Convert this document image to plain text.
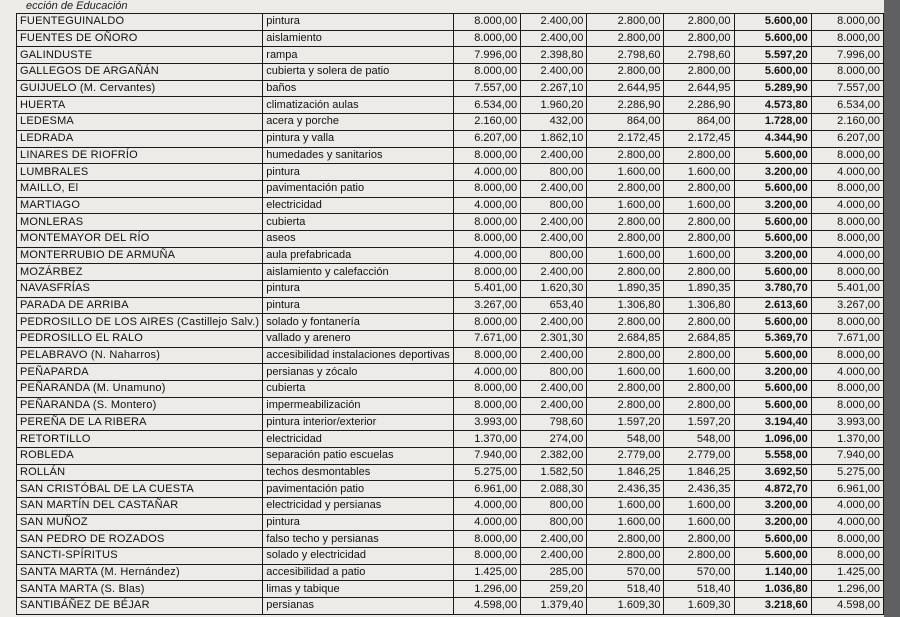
ección de Educación
FUENTEGUINALDO	pintura	8.000,00	2.400,00	2.800,00	2.800,00	5.600,00	8.000,00
FUENTES DE OÑORO	aislamiento	8.000,00	2.400,00	2.800,00	2.800,00	5.600,00	8.000,00
GALINDUSTE	rampa	7.996,00	2.398,80	2.798,60	2.798,60	5.597,20	7.996,00
GALLEGOS DE ARGAÑÁN	cubierta y solera de patio	8.000,00	2.400,00	2.800,00	2.800,00	5.600,00	8.000,00
GUIJUELO (M. Cervantes)	baños	7.557,00	2.267,10	2.644,95	2.644,95	5.289,90	7.557,00
HUERTA	climatización aulas	6.534,00	1.960,20	2.286,90	2.286,90	4.573,80	6.534,00
LEDESMA	acera y porche	2.160,00	432,00	864,00	864,00	1.728,00	2.160,00
LEDRADA	pintura y valla	6.207,00	1.862,10	2.172,45	2.172,45	4.344,90	6.207,00
LINARES DE RIOFRÍO	humedades y sanitarios	8.000,00	2.400,00	2.800,00	2.800,00	5.600,00	8.000,00
LUMBRALES	pintura	4.000,00	800,00	1.600,00	1.600,00	3.200,00	4.000,00
MAILLO, El	pavimentación patio	8.000,00	2.400,00	2.800,00	2.800,00	5.600,00	8.000,00
MARTIAGO	electricidad	4.000,00	800,00	1.600,00	1.600,00	3.200,00	4.000,00
MONLERAS	cubierta	8.000,00	2.400,00	2.800,00	2.800,00	5.600,00	8.000,00
MONTEMAYOR DEL RÍO	aseos	8.000,00	2.400,00	2.800,00	2.800,00	5.600,00	8.000,00
MONTERRUBIO DE ARMUÑA	aula prefabricada	4.000,00	800,00	1.600,00	1.600,00	3.200,00	4.000,00
MOZÁRBEZ	aislamiento y calefacción	8.000,00	2.400,00	2.800,00	2.800,00	5.600,00	8.000,00
NAVASFRÍAS	pintura	5.401,00	1.620,30	1.890,35	1.890,35	3.780,70	5.401,00
PARADA DE ARRIBA	pintura	3.267,00	653,40	1.306,80	1.306,80	2.613,60	3.267,00
PEDROSILLO DE LOS AIRES (Castillejo Salv.)	solado y fontanería	8.000,00	2.400,00	2.800,00	2.800,00	5.600,00	8.000,00
PEDROSILLO EL RALO	vallado y arenero	7.671,00	2.301,30	2.684,85	2.684,85	5.369,70	7.671,00
PELABRAVO (N. Naharros)	accesibilidad instalaciones deportivas	8.000,00	2.400,00	2.800,00	2.800,00	5.600,00	8.000,00
PEÑAPARDA	persianas y zócalo	4.000,00	800,00	1.600,00	1.600,00	3.200,00	4.000,00
PEÑARANDA (M. Unamuno)	cubierta	8.000,00	2.400,00	2.800,00	2.800,00	5.600,00	8.000,00
PEÑARANDA (S. Montero)	impermeabilización	8.000,00	2.400,00	2.800,00	2.800,00	5.600,00	8.000,00
PEREÑA DE LA RIBERA	pintura interior/exterior	3.993,00	798,60	1.597,20	1.597,20	3.194,40	3.993,00
RETORTILLO	electricidad	1.370,00	274,00	548,00	548,00	1.096,00	1.370,00
ROBLEDA	separación patio escuelas	7.940,00	2.382,00	2.779,00	2.779,00	5.558,00	7.940,00
ROLLÁN	techos desmontables	5.275,00	1.582,50	1.846,25	1.846,25	3.692,50	5.275,00
SAN CRISTÓBAL DE LA CUESTA	pavimentación patio	6.961,00	2.088,30	2.436,35	2.436,35	4.872,70	6.961,00
SAN MARTÍN DEL CASTAÑAR	electricidad y persianas	4.000,00	800,00	1.600,00	1.600,00	3.200,00	4.000,00
SAN MUÑOZ	pintura	4.000,00	800,00	1.600,00	1.600,00	3.200,00	4.000,00
SAN PEDRO DE ROZADOS	falso techo y persianas	8.000,00	2.400,00	2.800,00	2.800,00	5.600,00	8.000,00
SANCTI-SPÍRITUS	solado y electricidad	8.000,00	2.400,00	2.800,00	2.800,00	5.600,00	8.000,00
SANTA MARTA (M. Hernández)	accesibilidad a patio	1.425,00	285,00	570,00	570,00	1.140,00	1.425,00
SANTA MARTA (S. Blas)	limas y tabique	1.296,00	259,20	518,40	518,40	1.036,80	1.296,00
SANTIBÁÑEZ DE BÉJAR	persianas	4.598,00	1.379,40	1.609,30	1.609,30	3.218,60	4.598,00
